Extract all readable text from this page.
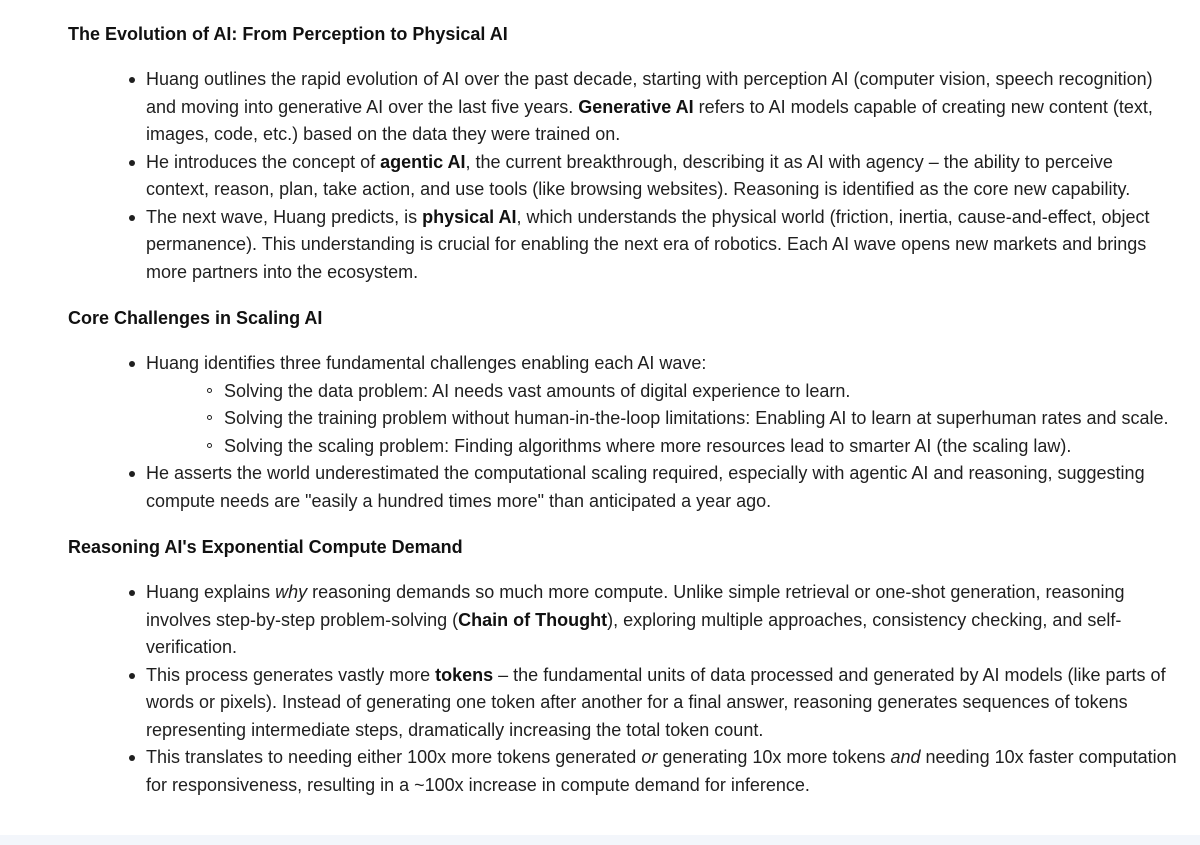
The Evolution of AI: From Perception to Physical AI
Huang outlines the rapid evolution of AI over the past decade, starting with perception AI (computer vision, speech recognition) and moving into generative AI over the last five years. Generative AI refers to AI models capable of creating new content (text, images, code, etc.) based on the data they were trained on.
He introduces the concept of agentic AI, the current breakthrough, describing it as AI with agency – the ability to perceive context, reason, plan, take action, and use tools (like browsing websites). Reasoning is identified as the core new capability.
The next wave, Huang predicts, is physical AI, which understands the physical world (friction, inertia, cause-and-effect, object permanence). This understanding is crucial for enabling the next era of robotics. Each AI wave opens new markets and brings more partners into the ecosystem.
Core Challenges in Scaling AI
Huang identifies three fundamental challenges enabling each AI wave:
Solving the data problem: AI needs vast amounts of digital experience to learn.
Solving the training problem without human-in-the-loop limitations: Enabling AI to learn at superhuman rates and scale.
Solving the scaling problem: Finding algorithms where more resources lead to smarter AI (the scaling law).
He asserts the world underestimated the computational scaling required, especially with agentic AI and reasoning, suggesting compute needs are "easily a hundred times more" than anticipated a year ago.
Reasoning AI's Exponential Compute Demand
Huang explains why reasoning demands so much more compute. Unlike simple retrieval or one-shot generation, reasoning involves step-by-step problem-solving (Chain of Thought), exploring multiple approaches, consistency checking, and self-verification.
This process generates vastly more tokens – the fundamental units of data processed and generated by AI models (like parts of words or pixels). Instead of generating one token after another for a final answer, reasoning generates sequences of tokens representing intermediate steps, dramatically increasing the total token count.
This translates to needing either 100x more tokens generated or generating 10x more tokens and needing 10x faster computation for responsiveness, resulting in a ~100x increase in compute demand for inference.
